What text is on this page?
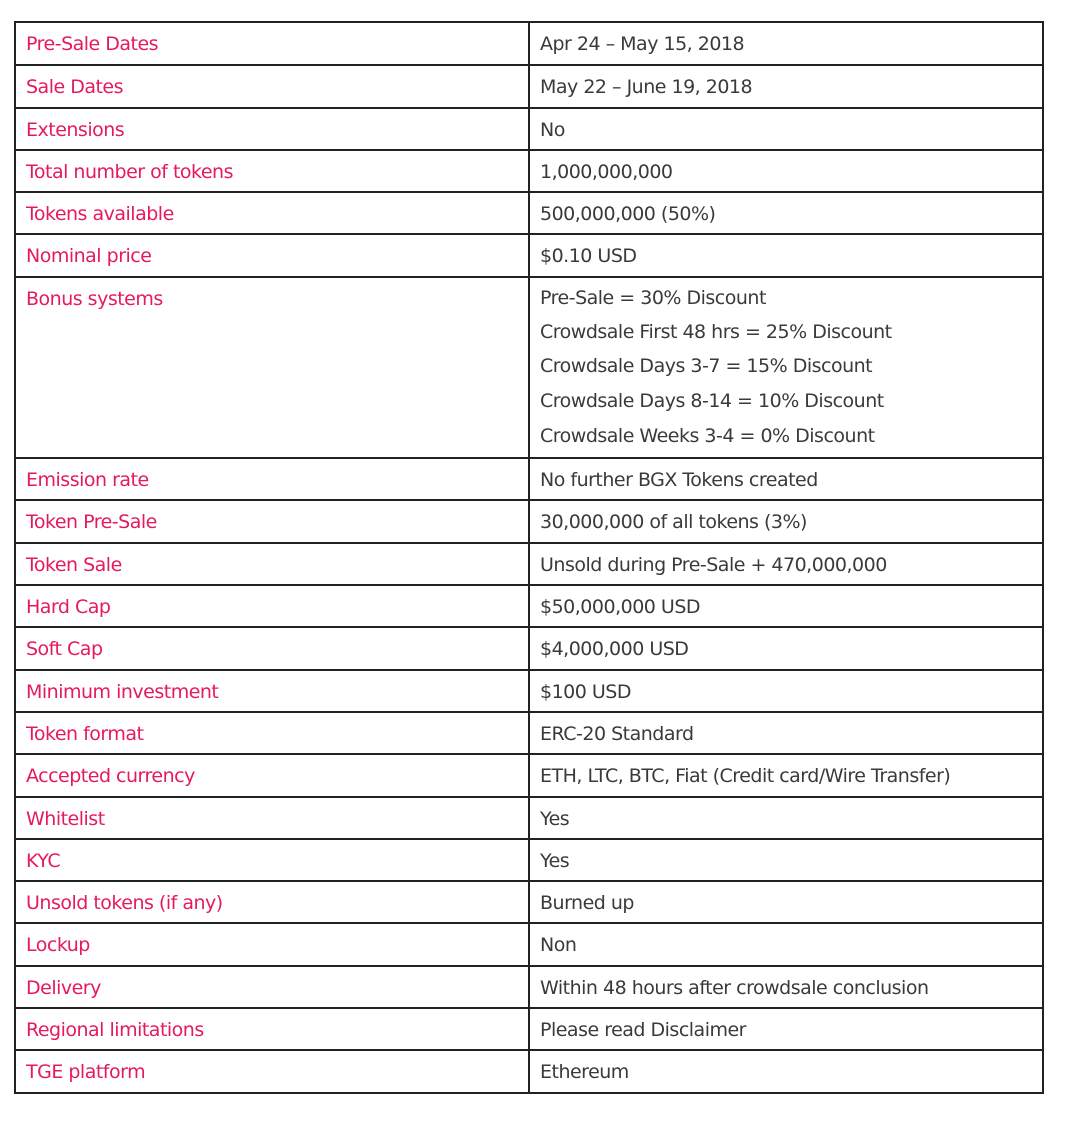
Pre-Sale Dates	Apr 24 – May 15, 2018
Sale Dates	May 22 – June 19, 2018
Extensions	No
Total number of tokens	1,000,000,000
Tokens available	500,000,000 (50%)
Nominal price	$0.10 USD
Bonus systems	Pre-Sale = 30% Discount
Crowdsale First 48 hrs = 25% Discount
Crowdsale Days 3-7 = 15% Discount
Crowdsale Days 8-14 = 10% Discount
Crowdsale Weeks 3-4 = 0% Discount

Emission rate	No further BGX Tokens created
Token Pre-Sale	30,000,000 of all tokens (3%)
Token Sale	Unsold during Pre-Sale + 470,000,000
Hard Cap	$50,000,000 USD
Soft Cap	$4,000,000 USD
Minimum investment	$100 USD
Token format	ERC-20 Standard
Accepted currency	ETH, LTC, BTC, Fiat (Credit card/Wire Transfer)
Whitelist	Yes
KYC	Yes
Unsold tokens (if any)	Burned up
Lockup	Non
Delivery	Within 48 hours after crowdsale conclusion
Regional limitations	Please read Disclaimer
TGE platform	Ethereum
